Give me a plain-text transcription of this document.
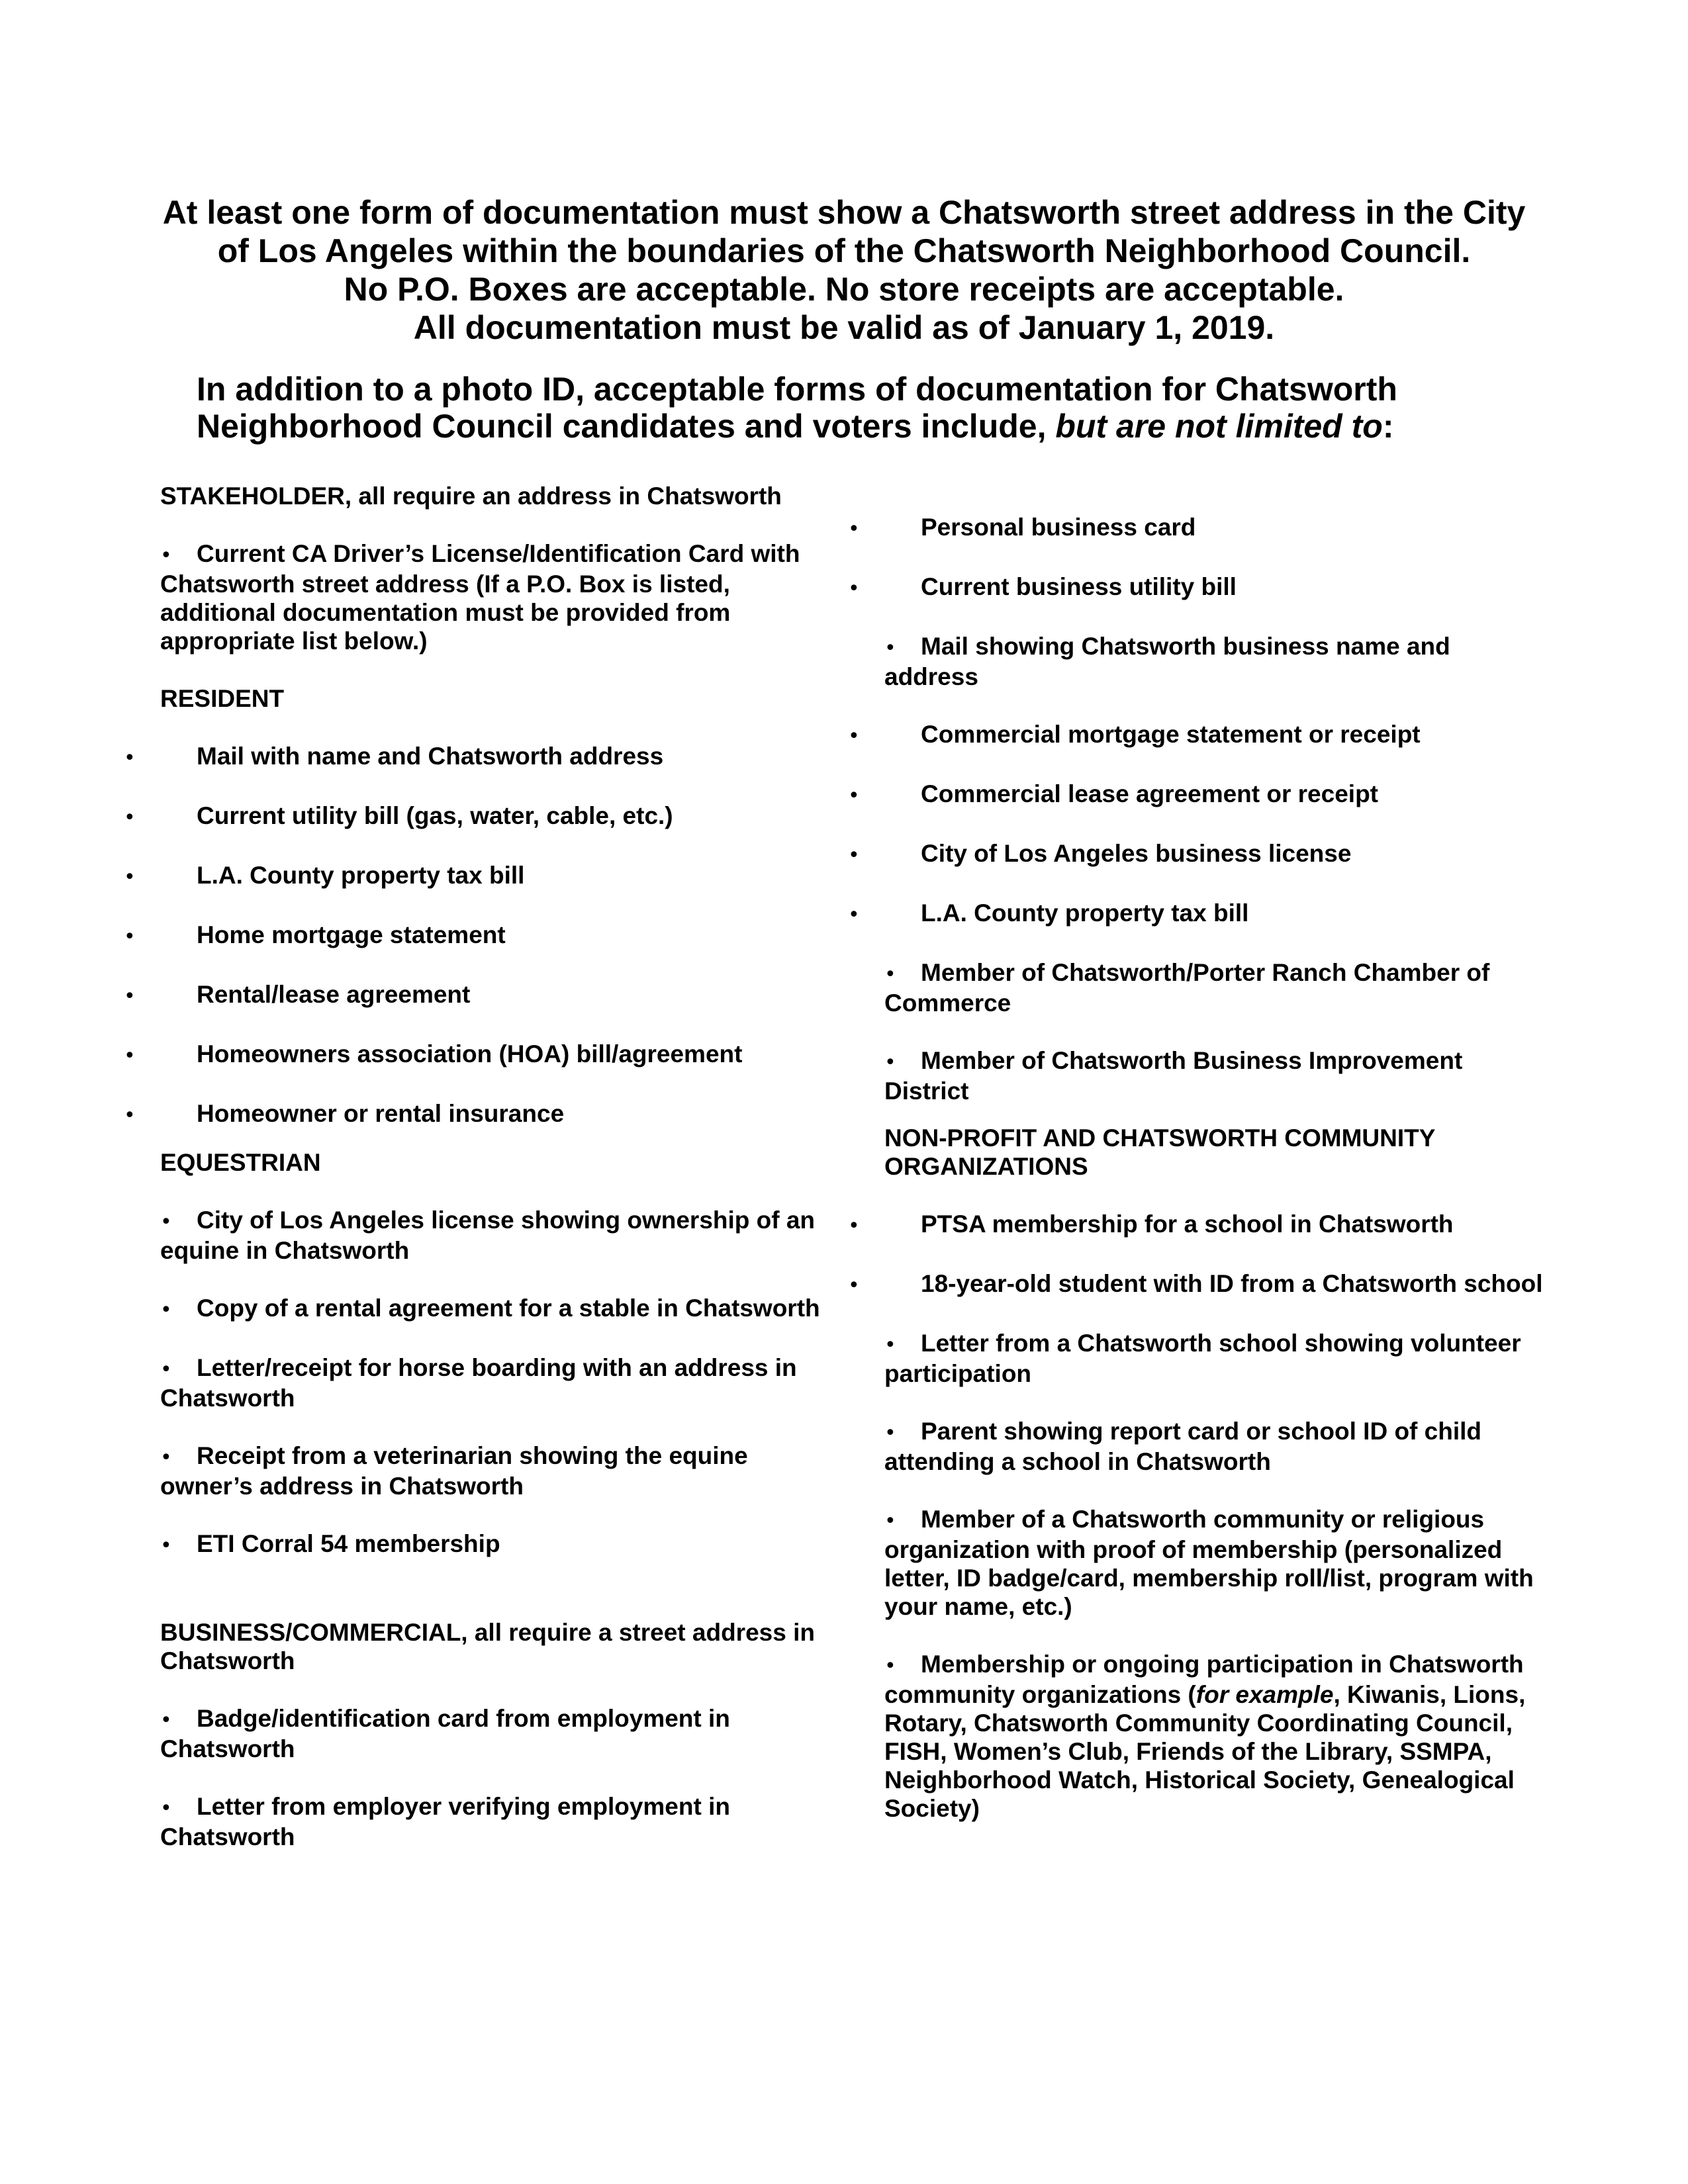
At least one form of documentation must show a Chatsworth street address in the City
of Los Angeles within the boundaries of the Chatsworth Neighborhood Council.
No P.O. Boxes are acceptable. No store receipts are acceptable.
All documentation must be valid as of January 1, 2019.
In addition to a photo ID, acceptable forms of documentation for Chatsworth
Neighborhood Council candidates and voters include, but are not limited to:
STAKEHOLDER, all require an address in Chatsworth
•Current CA Driver’s License/Identification Card with Chatsworth street address (If a P.O. Box is listed, additional documentation must be provided from appropriate list below.)
RESIDENT
•Mail with name and Chatsworth address
•Current utility bill (gas, water, cable, etc.)
•L.A. County property tax bill
•Home mortgage statement
•Rental/lease agreement
•Homeowners association (HOA) bill/agreement
•Homeowner or rental insurance
EQUESTRIAN
•City of Los Angeles license showing ownership of an equine in Chatsworth
•Copy of a rental agreement for a stable in Chatsworth
•Letter/receipt for horse boarding with an address in Chatsworth
•Receipt from a veterinarian showing the equine owner’s address in Chatsworth
•ETI Corral 54 membership
BUSINESS/COMMERCIAL, all require a street address in Chatsworth
•Badge/identification card from employment in Chatsworth
•Letter from employer verifying employment in Chatsworth
•Personal business card
•Current business utility bill
•Mail showing Chatsworth business name and address
•Commercial mortgage statement or receipt
•Commercial lease agreement or receipt
•City of Los Angeles business license
•L.A. County property tax bill
•Member of Chatsworth/Porter Ranch Chamber of Commerce
•Member of Chatsworth Business Improvement District
NON-PROFIT AND CHATSWORTH COMMUNITY ORGANIZATIONS
•PTSA membership for a school in Chatsworth
•18-year-old student with ID from a Chatsworth school
•Letter from a Chatsworth school showing volunteer participation
•Parent showing report card or school ID of child attending a school in Chatsworth
•Member of a Chatsworth community or religious organization with proof of membership (personalized letter, ID badge/card, membership roll/list, program with your name, etc.)
•Membership or ongoing participation in Chatsworth community organizations (for example, Kiwanis, Lions, Rotary, Chatsworth Community Coordinating Council, FISH, Women’s Club, Friends of the Library, SSMPA, Neighborhood Watch, Historical Society, Genealogical Society)
